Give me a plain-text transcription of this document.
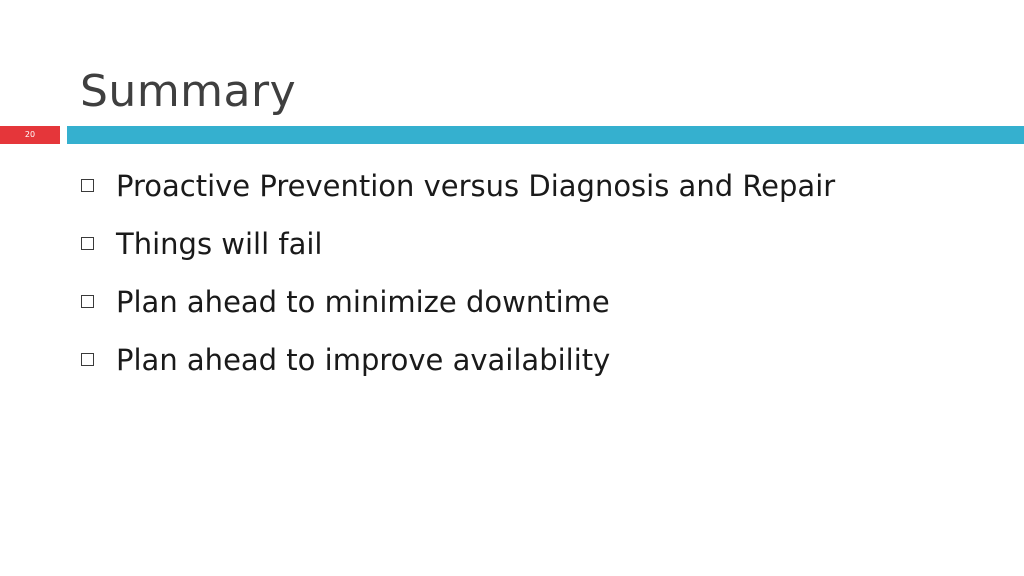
Summary
20
Proactive Prevention versus Diagnosis and Repair
Things will fail
Plan ahead to minimize downtime
Plan ahead to improve availability
